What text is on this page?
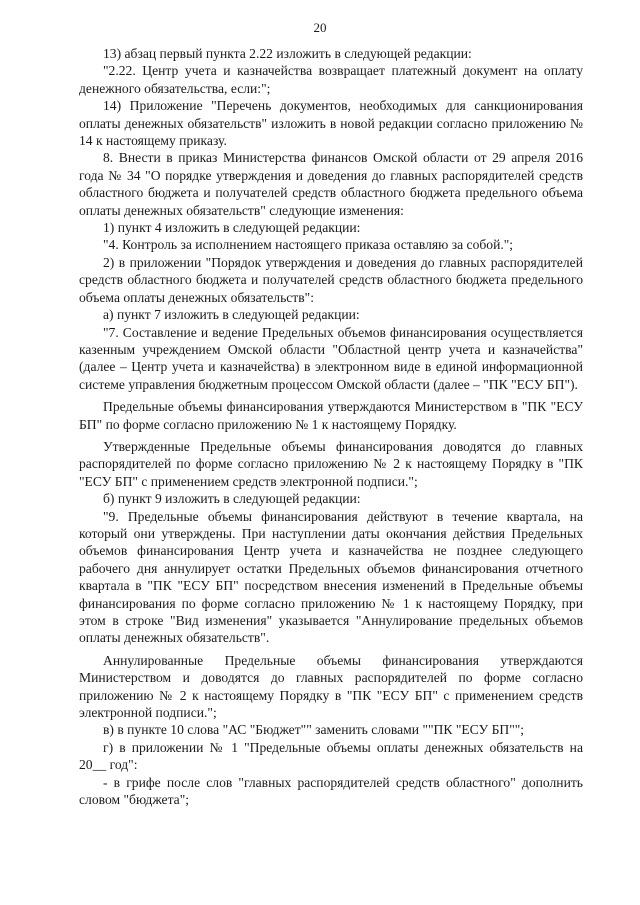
20

13) абзац первый пункта 2.22 изложить в следующей редакции:

"2.22. Центр учета и казначейства возвращает платежный документ на оплату денежного обязательства, если:";

14) Приложение "Перечень документов, необходимых для санкционирования оплаты денежных обязательств" изложить в новой редакции согласно приложению № 14 к настоящему приказу.

8. Внести в приказ Министерства финансов Омской области от 29 апреля 2016 года № 34 "О порядке утверждения и доведения до главных распорядителей средств областного бюджета и получателей средств областного бюджета предельного объема оплаты денежных обязательств" следующие изменения:

1) пункт 4 изложить в следующей редакции:

"4. Контроль за исполнением настоящего приказа оставляю за собой.";

2) в приложении "Порядок утверждения и доведения до главных распорядителей средств областного бюджета и получателей средств областного бюджета предельного объема оплаты денежных обязательств":

а) пункт 7 изложить в следующей редакции:

"7. Составление и ведение Предельных объемов финансирования осуществляется казенным учреждением Омской области "Областной центр учета и казначейства" (далее – Центр учета и казначейства) в электронном виде в единой информационной системе управления бюджетным процессом Омской области (далее – "ПК "ЕСУ БП").

Предельные объемы финансирования утверждаются Министерством в "ПК "ЕСУ БП" по форме согласно приложению № 1 к настоящему Порядку.

Утвержденные Предельные объемы финансирования доводятся до главных распорядителей по форме согласно приложению № 2 к настоящему Порядку в "ПК "ЕСУ БП" с применением средств электронной подписи.";

б) пункт 9 изложить в следующей редакции:

"9. Предельные объемы финансирования действуют в течение квартала, на который они утверждены. При наступлении даты окончания действия Предельных объемов финансирования Центр учета и казначейства не позднее следующего рабочего дня аннулирует остатки Предельных объемов финансирования отчетного квартала в "ПК "ЕСУ БП" посредством внесения изменений в Предельные объемы финансирования по форме согласно приложению № 1 к настоящему Порядку, при этом в строке "Вид изменения" указывается "Аннулирование предельных объемов оплаты денежных обязательств".

Аннулированные Предельные объемы финансирования утверждаются Министерством и доводятся до главных распорядителей по форме согласно приложению № 2 к настоящему Порядку в "ПК "ЕСУ БП" с применением средств электронной подписи.";

в) в пункте 10 слова "АС "Бюджет"" заменить словами ""ПК "ЕСУ БП"";

г) в приложении № 1 "Предельные объемы оплаты денежных обязательств на 20__ год":

- в грифе после слов "главных распорядителей средств областного" дополнить словом "бюджета";
